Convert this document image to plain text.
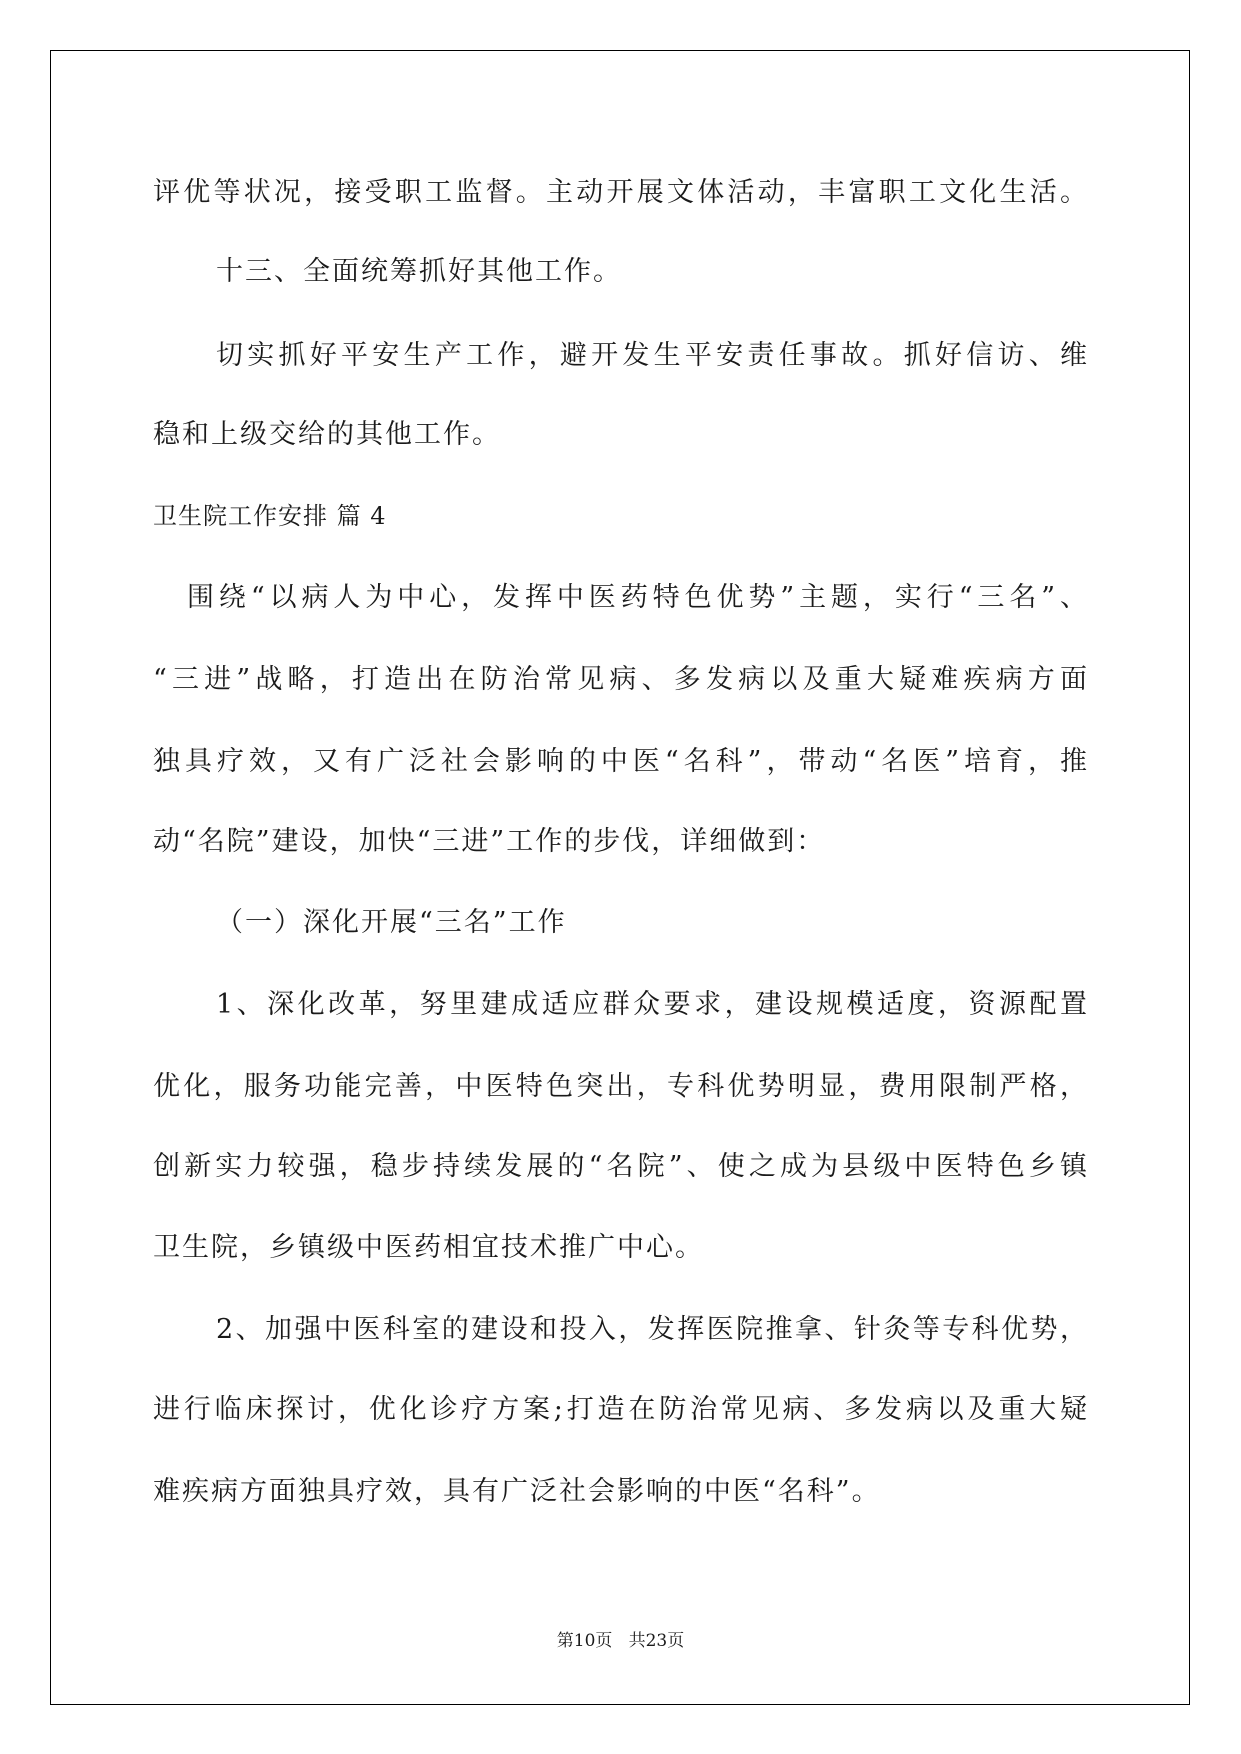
评优等状况，接受职工监督。主动开展文体活动，丰富职工文化生活。
十三、全面统筹抓好其他工作。
切实抓好平安生产工作，避开发生平安责任事故。抓好信访、维
稳和上级交给的其他工作。
卫生院工作安排 篇 4
围绕“以病人为中心，发挥中医药特色优势”主题，实行“三名”、
“三进”战略，打造出在防治常见病、多发病以及重大疑难疾病方面
独具疗效，又有广泛社会影响的中医“名科”，带动“名医”培育，推
动“名院”建设，加快“三进”工作的步伐，详细做到：
（一）深化开展“三名”工作
1、深化改革，努里建成适应群众要求，建设规模适度，资源配置
优化，服务功能完善，中医特色突出，专科优势明显，费用限制严格，
创新实力较强，稳步持续发展的“名院”、使之成为县级中医特色乡镇
卫生院，乡镇级中医药相宜技术推广中心。
2、加强中医科室的建设和投入，发挥医院推拿、针灸等专科优势，
进行临床探讨，优化诊疗方案;打造在防治常见病、多发病以及重大疑
难疾病方面独具疗效，具有广泛社会影响的中医“名科”。
第10页 共23页
